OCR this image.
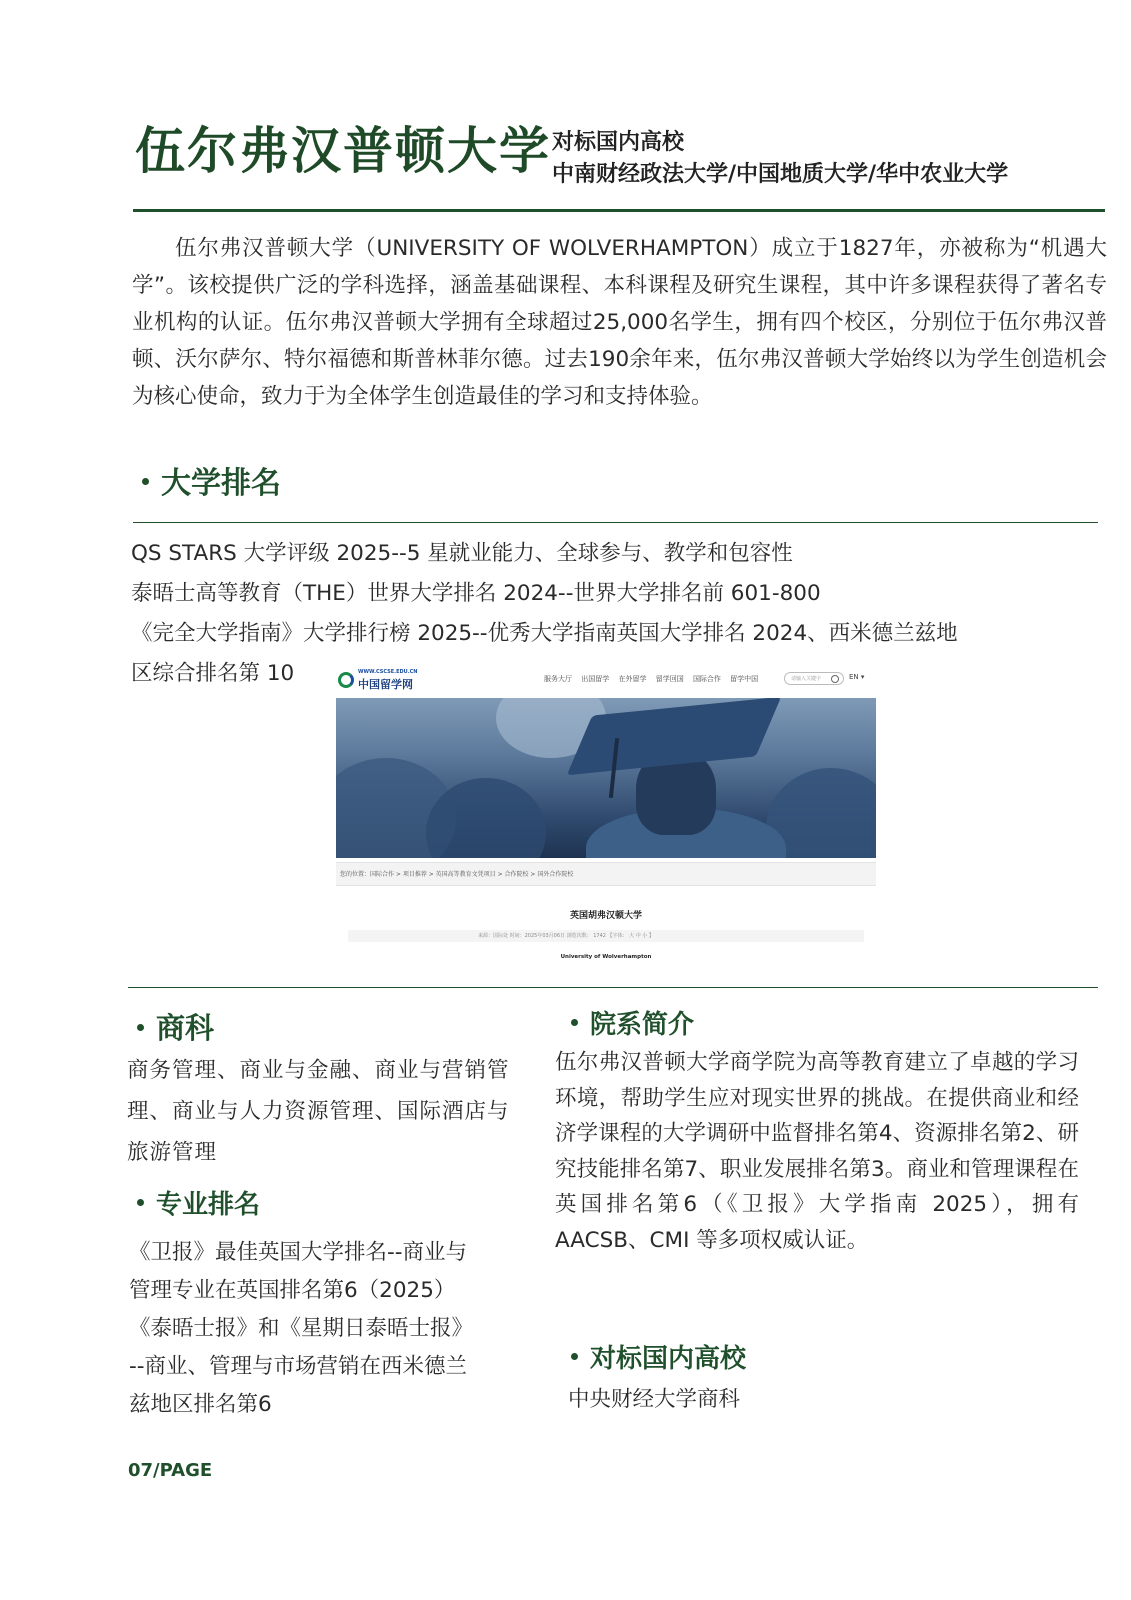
伍尔弗汉普顿大学 对标国内高校
中南财经政法大学/中国地质大学/华中农业大学

伍尔弗汉普顿大学（UNIVERSITY OF WOLVERHAMPTON）成立于1827年，亦被称为“机遇大学”。该校提供广泛的学科选择，涵盖基础课程、本科课程及研究生课程，其中许多课程获得了著名专业机构的认证。伍尔弗汉普顿大学拥有全球超过25,000名学生，拥有四个校区，分别位于伍尔弗汉普顿、沃尔萨尔、特尔福德和斯普林菲尔德。过去190余年来，伍尔弗汉普顿大学始终以为学生创造机会为核心使命，致力于为全体学生创造最佳的学习和支持体验。

大学排名
QS STARS 大学评级 2025--5 星就业能力、全球参与、教学和包容性
泰晤士高等教育（THE）世界大学排名 2024--世界大学排名前 601-800
《完全大学指南》大学排行榜 2025--优秀大学指南英国大学排名 2024、西米德兰兹地
区综合排名第 10	WWW.CSCSE.EDU.CN
中国留学网	服务大厅 出国留学 在外留学 留学回国 国际合作 留学中国	请输入关键字	EN ▾
您的位置：国际合作 > 项目推荐 > 英国高等教育文凭项目 > 合作院校 > 国外合作院校
英国胡弗汉顿大学
来源：国际处 时间：2025年03月06日 浏览次数： 1742 【字体： 大 中 小 】
University of Wolverhampton
商科

商务管理、商业与金融、商业与营销管理、商业与人力资源管理、国际酒店与旅游管理

专业排名
《卫报》最佳英国大学排名--商业与
管理专业在英国排名第6（2025）
《泰晤士报》和《星期日泰晤士报》
--商业、管理与市场营销在西米德兰
兹地区排名第6
院系简介

伍尔弗汉普顿大学商学院为高等教育建立了卓越的学习环境，帮助学生应对现实世界的挑战。在提供商业和经济学课程的大学调研中监督排名第4、资源排名第2、研究技能排名第7、职业发展排名第3。商业和管理课程在英国排名第6（《卫报》大学指南 2025），拥有 AACSB、CMI 等多项权威认证。

对标国内高校
中央财经大学商科
07/PAGE
